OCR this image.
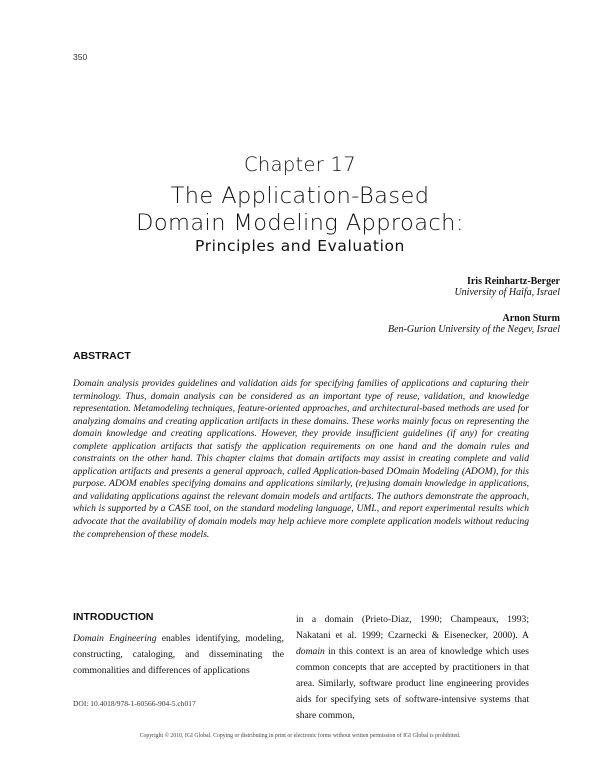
350
Chapter 17
The Application-Based
Domain Modeling Approach:
Principles and Evaluation
Iris Reinhartz-Berger
University of Haifa, Israel
Arnon Sturm
Ben-Gurion University of the Negev, Israel
ABSTRACT
Domain analysis provides guidelines and validation aids for specifying families of applications and capturing their terminology. Thus, domain analysis can be considered as an important type of reuse, validation, and knowledge representation. Metamodeling techniques, feature-oriented approaches, and architectural-based methods are used for analyzing domains and creating application artifacts in these domains. These works mainly focus on representing the domain knowledge and creating applications. However, they provide insufficient guidelines (if any) for creating complete application artifacts that satisfy the application requirements on one hand and the domain rules and constraints on the other hand. This chapter claims that domain artifacts may assist in creating complete and valid application artifacts and presents a general approach, called Application-based DOmain Modeling (ADOM), for this purpose. ADOM enables specifying domains and applications similarly, (re)using domain knowledge in applications, and validating applications against the relevant domain models and artifacts. The authors demonstrate the approach, which is supported by a CASE tool, on the standard modeling language, UML, and report experimental results which advocate that the availability of domain models may help achieve more complete application models without reducing the comprehension of these models.
INTRODUCTION
Domain Engineering enables identifying, modeling, constructing, cataloging, and disseminating the commonalities and differences of applications
in a domain (Prieto-Diaz, 1990; Champeaux, 1993; Nakatani et al. 1999; Czarnecki & Eisenecker, 2000). A domain in this context is an area of knowledge which uses common concepts that are accepted by practitioners in that area. Similarly, software product line engineering provides aids for specifying sets of software-intensive systems that share common,
DOI: 10.4018/978-1-60566-904-5.ch017
Copyright © 2010, IGI Global. Copying or distributing in print or electronic forms without written permission of IGI Global is prohibited.
